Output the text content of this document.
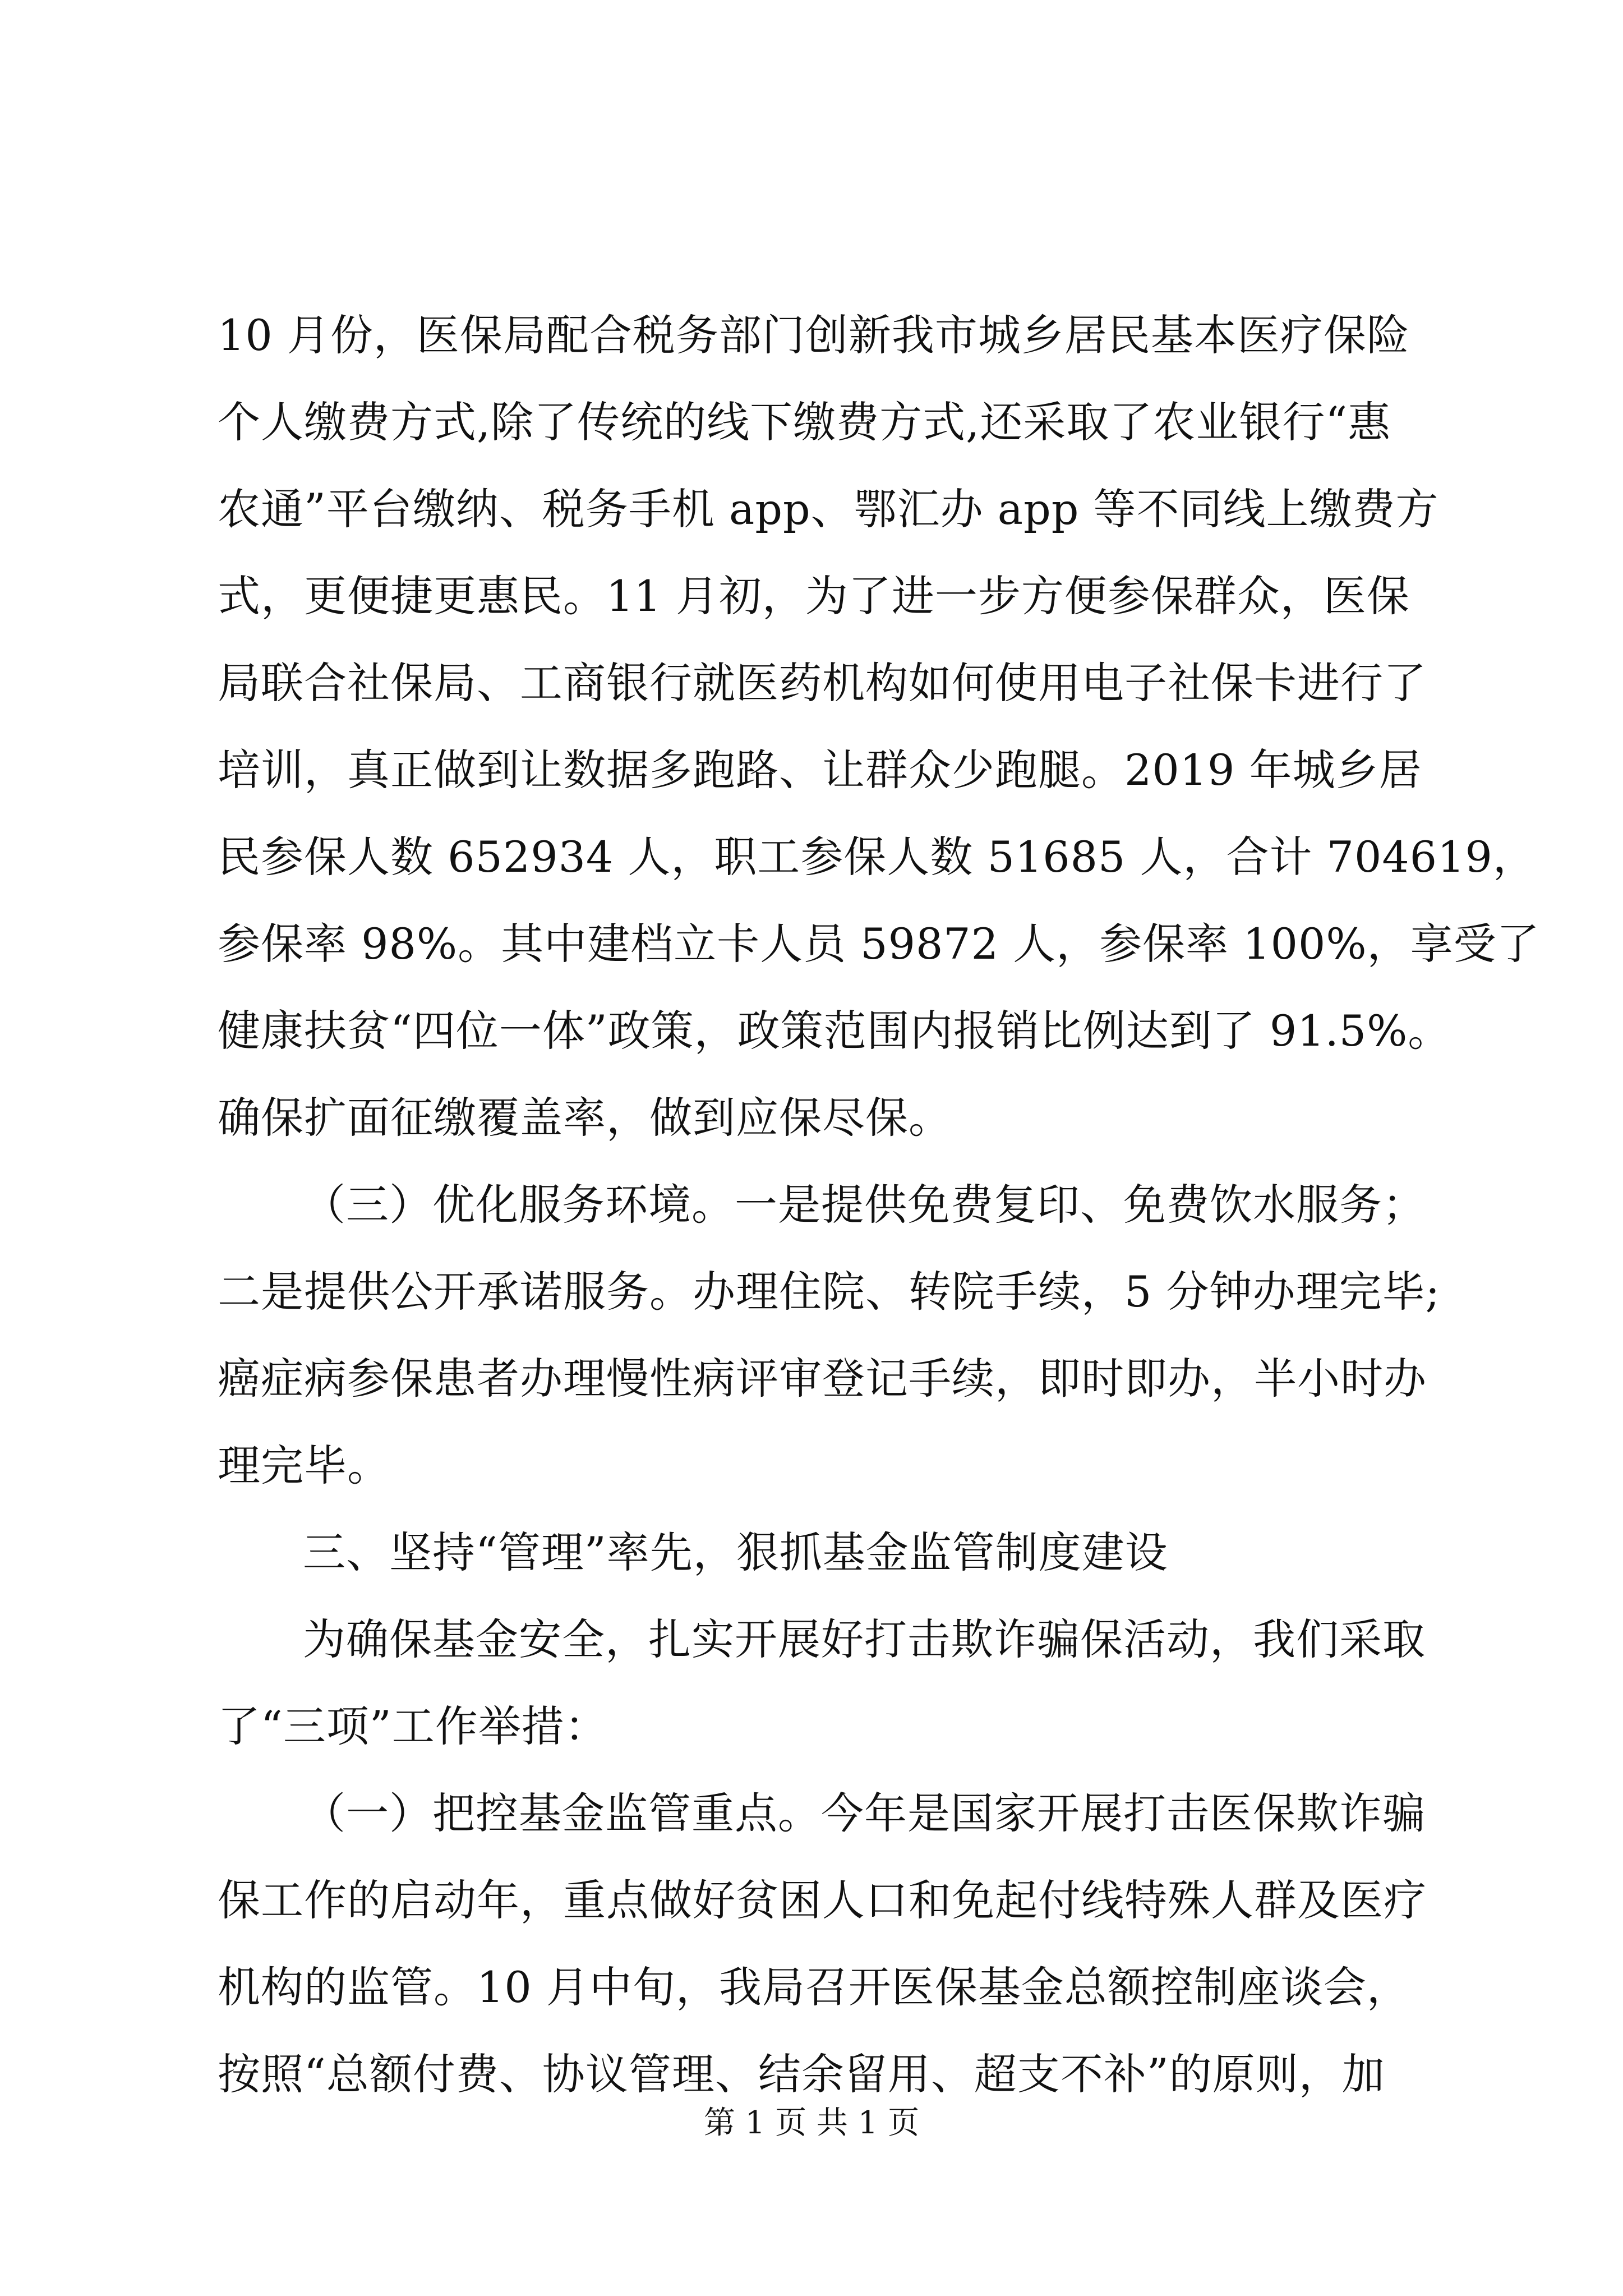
10 月份，医保局配合税务部门创新我市城乡居民基本医疗保险
个人缴费方式,除了传统的线下缴费方式,还采取了农业银行“惠
农通”平台缴纳、税务手机 app、鄂汇办 app 等不同线上缴费方
式，更便捷更惠民。11 月初，为了进一步方便参保群众，医保
局联合社保局、工商银行就医药机构如何使用电子社保卡进行了
培训，真正做到让数据多跑路、让群众少跑腿。2019 年城乡居
民参保人数 652934 人，职工参保人数 51685 人，合计 704619，
参保率 98%。其中建档立卡人员 59872 人，参保率 100%，享受了
健康扶贫“四位一体”政策，政策范围内报销比例达到了 91.5%。
确保扩面征缴覆盖率，做到应保尽保。
（三）优化服务环境。一是提供免费复印、免费饮水服务；
二是提供公开承诺服务。办理住院、转院手续，5 分钟办理完毕;
癌症病参保患者办理慢性病评审登记手续，即时即办，半小时办
理完毕。
三、坚持“管理”率先，狠抓基金监管制度建设
为确保基金安全，扎实开展好打击欺诈骗保活动，我们采取
了“三项”工作举措：
（一）把控基金监管重点。今年是国家开展打击医保欺诈骗
保工作的启动年，重点做好贫困人口和免起付线特殊人群及医疗
机构的监管。10 月中旬，我局召开医保基金总额控制座谈会，
按照“总额付费、协议管理、结余留用、超支不补”的原则，加
第 1 页 共 1 页
